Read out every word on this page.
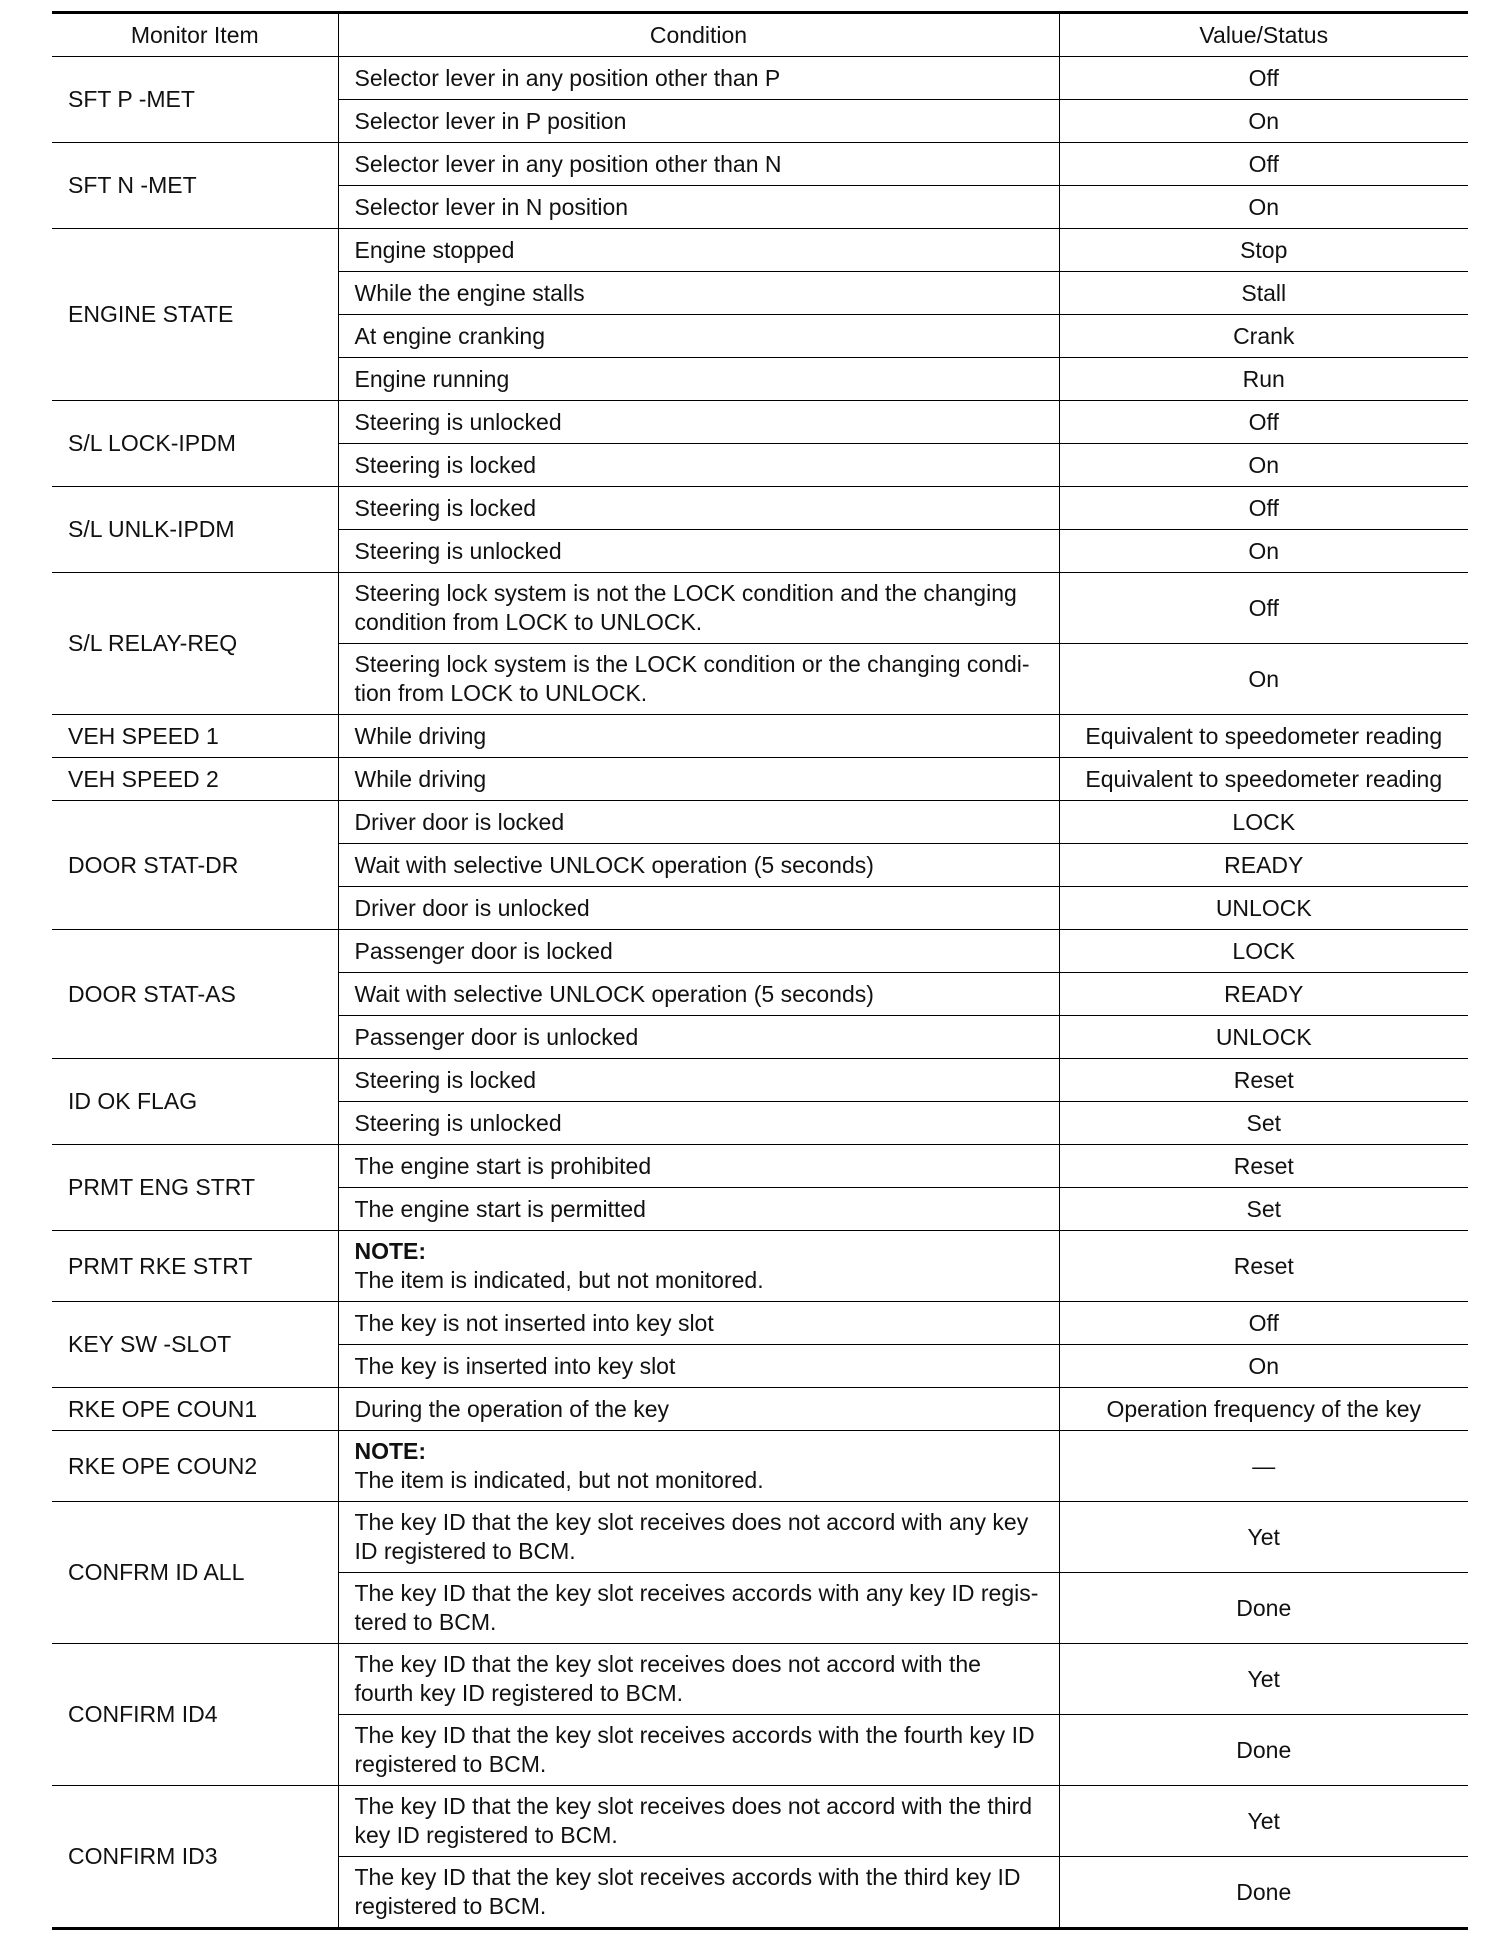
Monitor Item	Condition	Value/Status
SFT P -MET	Selector lever in any position other than P	Off
	Selector lever in P position	On
SFT N -MET	Selector lever in any position other than N	Off
	Selector lever in N position	On
ENGINE STATE	Engine stopped	Stop
	While the engine stalls	Stall
	At engine cranking	Crank
	Engine running	Run
S/L LOCK-IPDM	Steering is unlocked	Off
	Steering is locked	On
S/L UNLK-IPDM	Steering is locked	Off
	Steering is unlocked	On
S/L RELAY-REQ	Steering lock system is not the LOCK condition and the changing condition from LOCK to UNLOCK.	Off
	Steering lock system is the LOCK condition or the changing condi-tion from LOCK to UNLOCK.	On
VEH SPEED 1	While driving	Equivalent to speedometer reading
VEH SPEED 2	While driving	Equivalent to speedometer reading
DOOR STAT-DR	Driver door is locked	LOCK
	Wait with selective UNLOCK operation (5 seconds)	READY
	Driver door is unlocked	UNLOCK
DOOR STAT-AS	Passenger door is locked	LOCK
	Wait with selective UNLOCK operation (5 seconds)	READY
	Passenger door is unlocked	UNLOCK
ID OK FLAG	Steering is locked	Reset
	Steering is unlocked	Set
PRMT ENG STRT	The engine start is prohibited	Reset
	The engine start is permitted	Set
PRMT RKE STRT	NOTE:
The item is indicated, but not monitored.	Reset
KEY SW -SLOT	The key is not inserted into key slot	Off
	The key is inserted into key slot	On
RKE OPE COUN1	During the operation of the key	Operation frequency of the key
RKE OPE COUN2	NOTE:
The item is indicated, but not monitored.	—
CONFRM ID ALL	The key ID that the key slot receives does not accord with any key ID registered to BCM.	Yet
	The key ID that the key slot receives accords with any key ID regis-tered to BCM.	Done
CONFIRM ID4	The key ID that the key slot receives does not accord with the fourth key ID registered to BCM.	Yet
	The key ID that the key slot receives accords with the fourth key ID registered to BCM.	Done
CONFIRM ID3	The key ID that the key slot receives does not accord with the third key ID registered to BCM.	Yet
	The key ID that the key slot receives accords with the third key ID registered to BCM.	Done
